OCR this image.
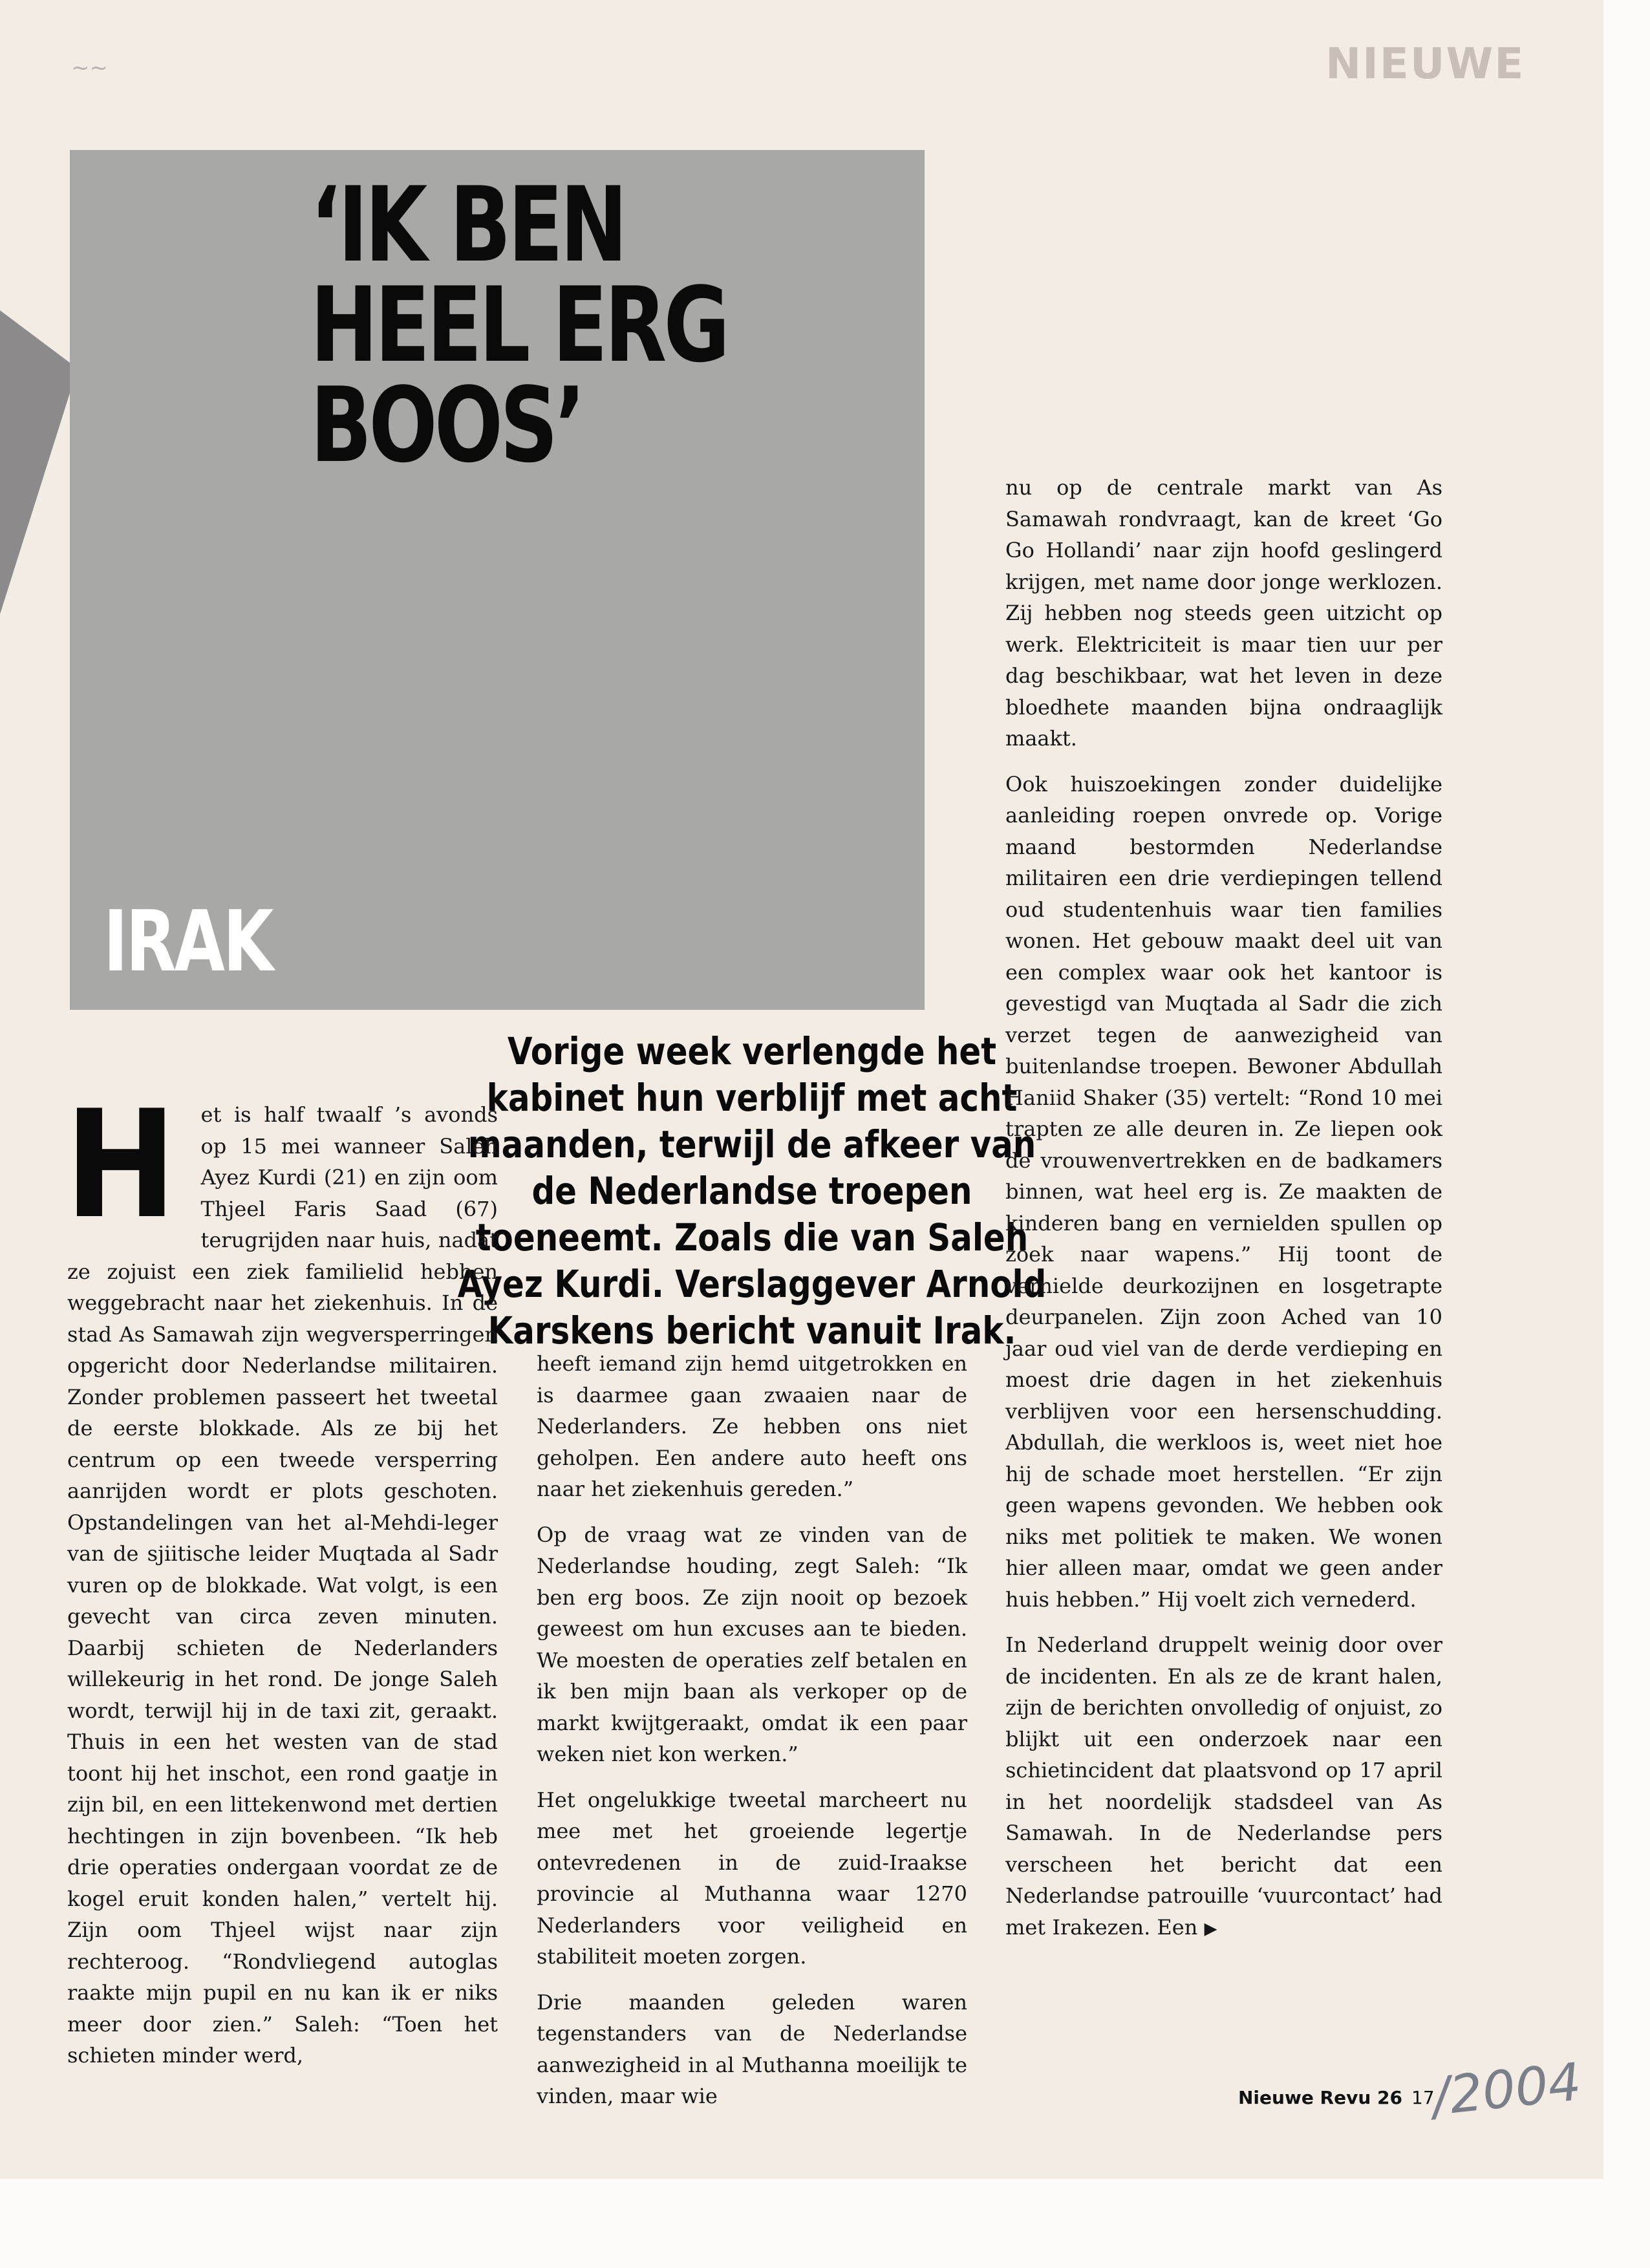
~~	NIEUWE
‘IK BEN
HEEL ERG
BOOS’
IRAK

Vorige week verlengde het kabinet hun verblijf met acht maanden, terwijl de afkeer van de Nederlandse troepen toeneemt. Zoals die van Saleh Ayez Kurdi. Verslaggever Arnold Karskens bericht vanuit Irak.

H et is half twaalf ’s avonds op 15 mei wanneer Saleh Ayez Kurdi (21) en zijn oom Thjeel Faris Saad (67) terugrijden naar huis, nadat ze zojuist een ziek familielid hebben weggebracht naar het ziekenhuis. In de stad As Samawah zijn wegversperringen opgericht door Nederlandse militairen. Zonder problemen passeert het tweetal de eerste blokkade. Als ze bij het centrum op een tweede versperring aanrijden wordt er plots geschoten. Opstandelingen van het al-Mehdi-leger van de sjiitische leider Muqtada al Sadr vuren op de blokkade. Wat volgt, is een gevecht van circa zeven minuten. Daarbij schieten de Nederlanders willekeurig in het rond. De jonge Saleh wordt, terwijl hij in de taxi zit, geraakt. Thuis in een het westen van de stad toont hij het inschot, een rond gaatje in zijn bil, en een littekenwond met dertien hechtingen in zijn bovenbeen. “Ik heb drie operaties ondergaan voordat ze de kogel eruit konden halen,” vertelt hij. Zijn oom Thjeel wijst naar zijn rechteroog. “Rondvliegend autoglas raakte mijn pupil en nu kan ik er niks meer door zien.” Saleh: “Toen het schieten minder werd,

heeft iemand zijn hemd uitgetrokken en is daarmee gaan zwaaien naar de Nederlanders. Ze hebben ons niet geholpen. Een andere auto heeft ons naar het ziekenhuis gereden.”

Op de vraag wat ze vinden van de Nederlandse houding, zegt Saleh: “Ik ben erg boos. Ze zijn nooit op bezoek geweest om hun excuses aan te bieden. We moesten de operaties zelf betalen en ik ben mijn baan als verkoper op de markt kwijtgeraakt, omdat ik een paar weken niet kon werken.”

Het ongelukkige tweetal marcheert nu mee met het groeiende legertje ontevredenen in de zuid-Iraakse provincie al Muthanna waar 1270 Nederlanders voor veiligheid en stabiliteit moeten zorgen.

Drie maanden geleden waren tegenstanders van de Nederlandse aanwezigheid in al Muthanna moeilijk te vinden, maar wie

nu op de centrale markt van As Samawah rondvraagt, kan de kreet ‘Go Go Hollandi’ naar zijn hoofd geslingerd krijgen, met name door jonge werklozen. Zij hebben nog steeds geen uitzicht op werk. Elektriciteit is maar tien uur per dag beschikbaar, wat het leven in deze bloedhete maanden bijna ondraaglijk maakt.

Ook huiszoekingen zonder duidelijke aanleiding roepen onvrede op. Vorige maand bestormden Nederlandse militairen een drie verdiepingen tellend oud studentenhuis waar tien families wonen. Het gebouw maakt deel uit van een complex waar ook het kantoor is gevestigd van Muqtada al Sadr die zich verzet tegen de aanwezigheid van buitenlandse troepen. Bewoner Abdullah Haniid Shaker (35) vertelt: “Rond 10 mei trapten ze alle deuren in. Ze liepen ook de vrouwenvertrekken en de badkamers binnen, wat heel erg is. Ze maakten de kinderen bang en vernielden spullen op zoek naar wapens.” Hij toont de vernielde deurkozijnen en losgetrapte deurpanelen. Zijn zoon Ached van 10 jaar oud viel van de derde verdieping en moest drie dagen in het ziekenhuis verblijven voor een hersenschudding. Abdullah, die werkloos is, weet niet hoe hij de schade moet herstellen. “Er zijn geen wapens gevonden. We hebben ook niks met politiek te maken. We wonen hier alleen maar, omdat we geen ander huis hebben.” Hij voelt zich vernederd.

In Nederland druppelt weinig door over de incidenten. En als ze de krant halen, zijn de berichten onvolledig of onjuist, zo blijkt uit een onderzoek naar een schietincident dat plaatsvond op 17 april in het noordelijk stadsdeel van As Samawah. In de Nederlandse pers verscheen het bericht dat een Nederlandse patrouille ‘vuurcontact’ had met Irakezen. Een ▶

Nieuwe Revu 26 17
/2004
